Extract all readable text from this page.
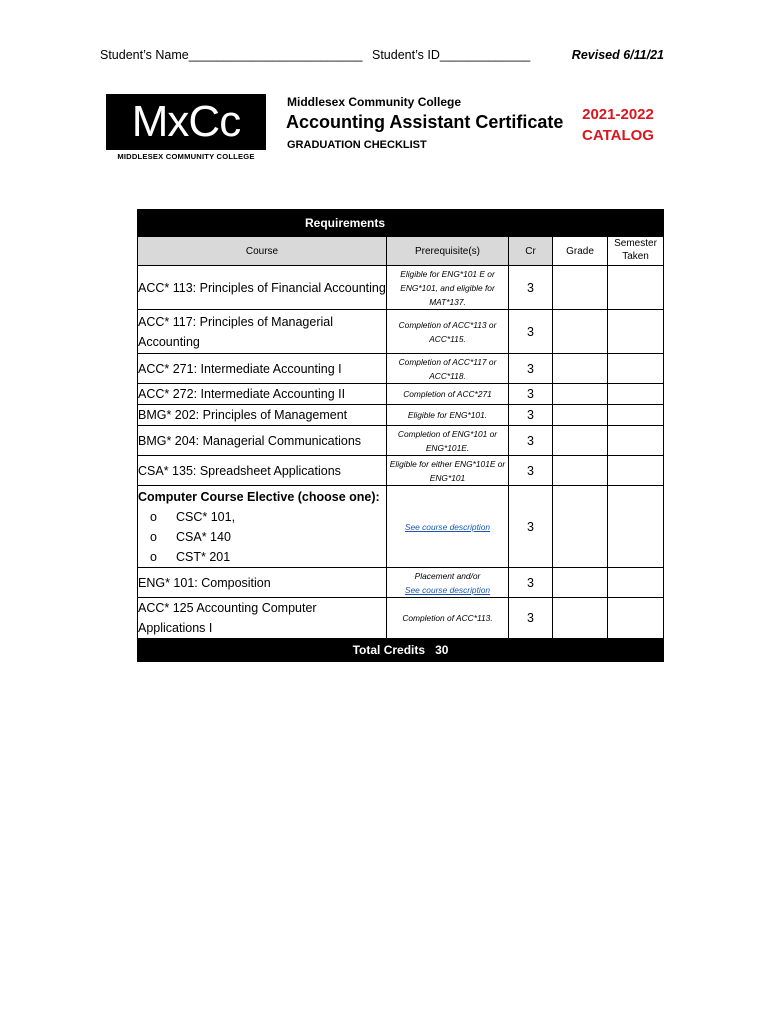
Student’s Name_________________________ Student’s ID_____________	Revised 6/11/21
MxCc
MIDDLESEX COMMUNITY COLLEGE
Middlesex Community College
Accounting Assistant Certificate
GRADUATION CHECKLIST
2021-2022
CATALOG
Requirements				
Course	Prerequisite(s)	Cr	Grade	Semester Taken
ACC* 113: Principles of Financial Accounting	Eligible for ENG*101 E or ENG*101, and eligible for MAT*137.	3		
ACC* 117: Principles of Managerial Accounting	Completion of ACC*113 or ACC*115.	3		
ACC* 271: Intermediate Accounting I	Completion of ACC*117 or ACC*118.	3		
ACC* 272: Intermediate Accounting II	Completion of ACC*271	3		
BMG* 202: Principles of Management	Eligible for ENG*101.	3		
BMG* 204: Managerial Communications	Completion of ENG*101 or ENG*101E.	3		
CSA* 135: Spreadsheet Applications	Eligible for either ENG*101E or ENG*101	3		

Computer Course Elective (choose one):
o CSC* 101,
o CSA* 140
o CST* 201	See course description	3		
ENG* 101: Composition	Placement and/or
See course description	3		
ACC* 125 Accounting Computer Applications I	Completion of ACC*113.	3		
Total Credits 30				
